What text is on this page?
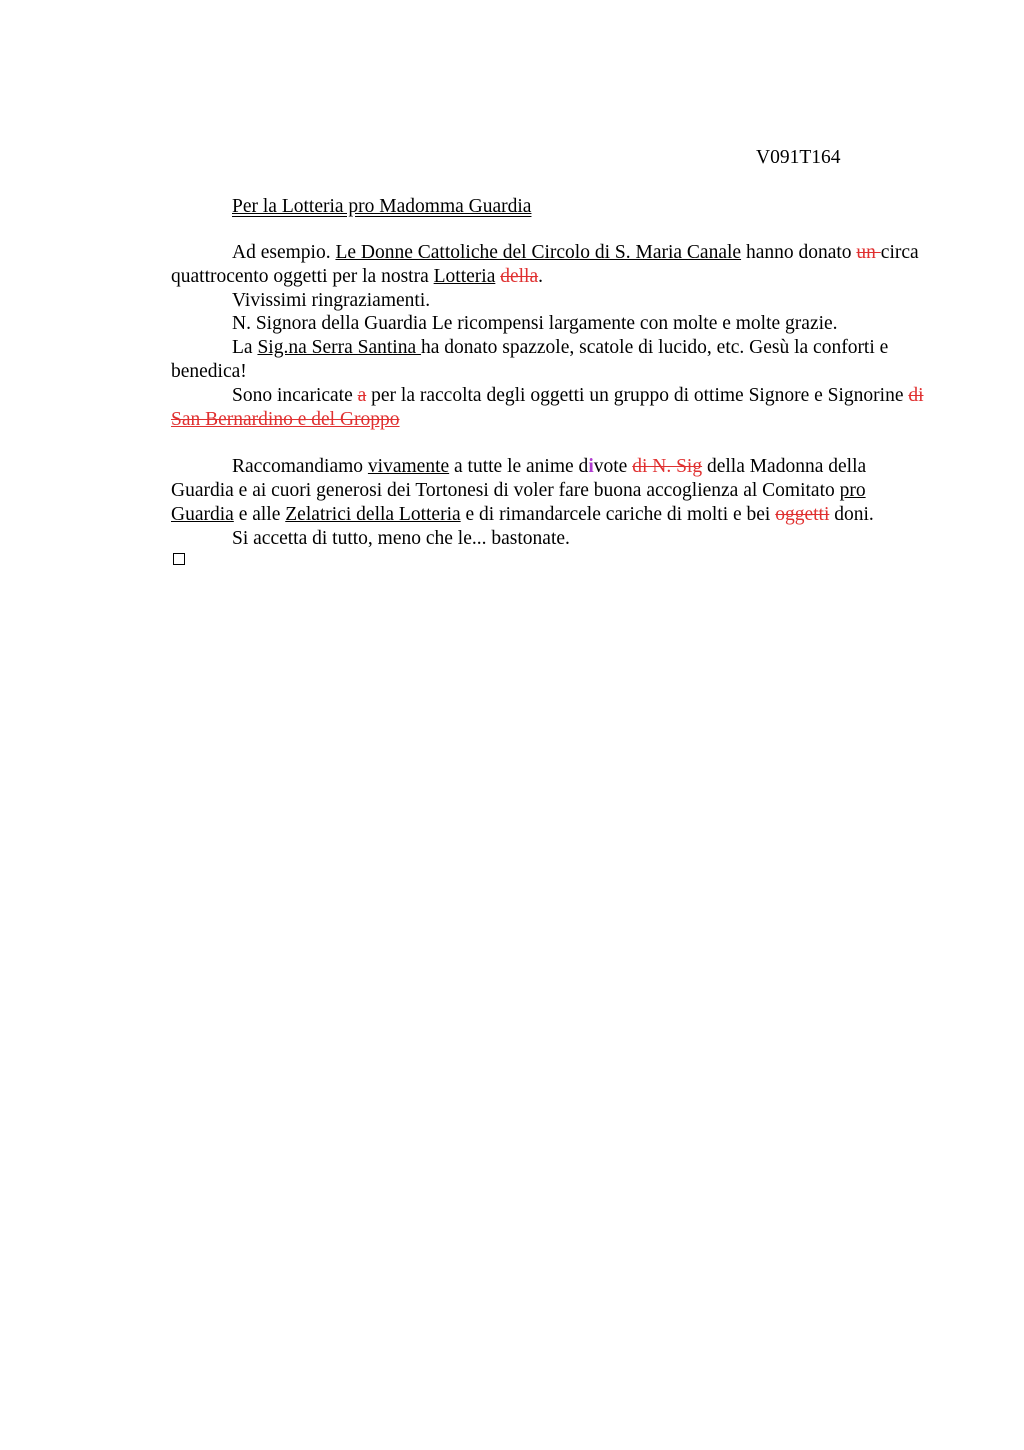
V091T164
Per la Lotteria pro Madomma Guardia

Ad esempio. Le Donne Cattoliche del Circolo di S. Maria Canale hanno donato un circa quattrocento oggetti per la nostra Lotteria della.

Vivissimi ringraziamenti.

N. Signora della Guardia Le ricompensi largamente con molte e molte grazie.

La Sig.na Serra Santina ha donato spazzole, scatole di lucido, etc. Gesù la conforti e benedica!

Sono incaricate a per la raccolta degli oggetti un gruppo di ottime Signore e Signorine di San Bernardino e del Groppo

Raccomandiamo vivamente a tutte le anime divote di N. Sig della Madonna della Guardia e ai cuori generosi dei Tortonesi di voler fare buona accoglienza al Comitato pro Guardia e alle Zelatrici della Lotteria e di rimandarcele cariche di molti e bei oggetti doni.

Si accetta di tutto, meno che le... bastonate.
